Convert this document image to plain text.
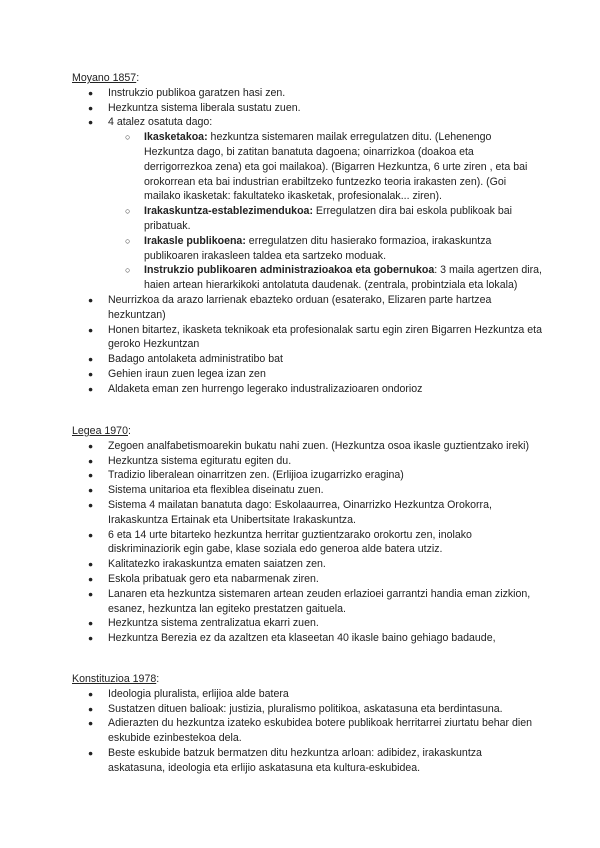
Moyano 1857:
● Instrukzio publikoa garatzen hasi zen.
● Hezkuntza sistema liberala sustatu zuen.
● 4 atalez osatuta dago:
○ Ikasketakoa: hezkuntza sistemaren mailak erregulatzen ditu. (Lehenengo Hezkuntza dago, bi zatitan banatuta dagoena; oinarrizkoa (doakoa eta derrigorrezkoa zena) eta goi mailakoa). (Bigarren Hezkuntza, 6 urte ziren , eta bai orokorrean eta bai industrian erabiltzeko funtzezko teoria irakasten zen). (Goi mailako ikasketak: fakultateko ikasketak, profesionalak... ziren).
○ Irakaskuntza-establezimendukoa: Erregulatzen dira bai eskola publikoak bai pribatuak.
○ Irakasle publikoena: erregulatzen ditu hasierako formazioa, irakaskuntza publikoaren irakasleen taldea eta sartzeko moduak.
○ Instrukzio publikoaren administrazioakoa eta gobernukoa: 3 maila agertzen dira, haien artean hierarkikoki antolatuta daudenak. (zentrala, probintziala eta lokala)
● Neurrizkoa da arazo larrienak ebazteko orduan (esaterako, Elizaren parte hartzea hezkuntzan)
● Honen bitartez, ikasketa teknikoak eta profesionalak sartu egin ziren Bigarren Hezkuntza eta geroko Hezkuntzan
● Badago antolaketa administratibo bat
● Gehien iraun zuen legea izan zen
● Aldaketa eman zen hurrengo legerako industralizazioaren ondorioz
Legea 1970:
● Zegoen analfabetismoarekin bukatu nahi zuen. (Hezkuntza osoa ikasle guztientzako ireki)
● Hezkuntza sistema egituratu egiten du.
● Tradizio liberalean oinarritzen zen. (Erlijioa izugarrizko eragina)
● Sistema unitarioa eta flexiblea diseinatu zuen.
● Sistema 4 mailatan banatuta dago: Eskolaaurrea, Oinarrizko Hezkuntza Orokorra, Irakaskuntza Ertainak eta Unibertsitate Irakaskuntza.
● 6 eta 14 urte bitarteko hezkuntza herritar guztientzarako orokortu zen, inolako diskriminaziorik egin gabe, klase soziala edo generoa alde batera utziz.
● Kalitatezko irakaskuntza ematen saiatzen zen.
● Eskola pribatuak gero eta nabarmenak ziren.
● Lanaren eta hezkuntza sistemaren artean zeuden erlazioei garrantzi handia eman zizkion, esanez, hezkuntza lan egiteko prestatzen gaituela.
● Hezkuntza sistema zentralizatua ekarri zuen.
● Hezkuntza Berezia ez da azaltzen eta klaseetan 40 ikasle baino gehiago badaude,
Konstituzioa 1978:
● Ideologia pluralista, erlijioa alde batera
● Sustatzen dituen balioak: justizia, pluralismo politikoa, askatasuna eta berdintasuna.
● Adierazten du hezkuntza izateko eskubidea botere publikoak herritarrei ziurtatu behar dien eskubide ezinbestekoa dela.
● Beste eskubide batzuk bermatzen ditu hezkuntza arloan: adibidez, irakaskuntza askatasuna, ideologia eta erlijio askatasuna eta kultura-eskubidea.
